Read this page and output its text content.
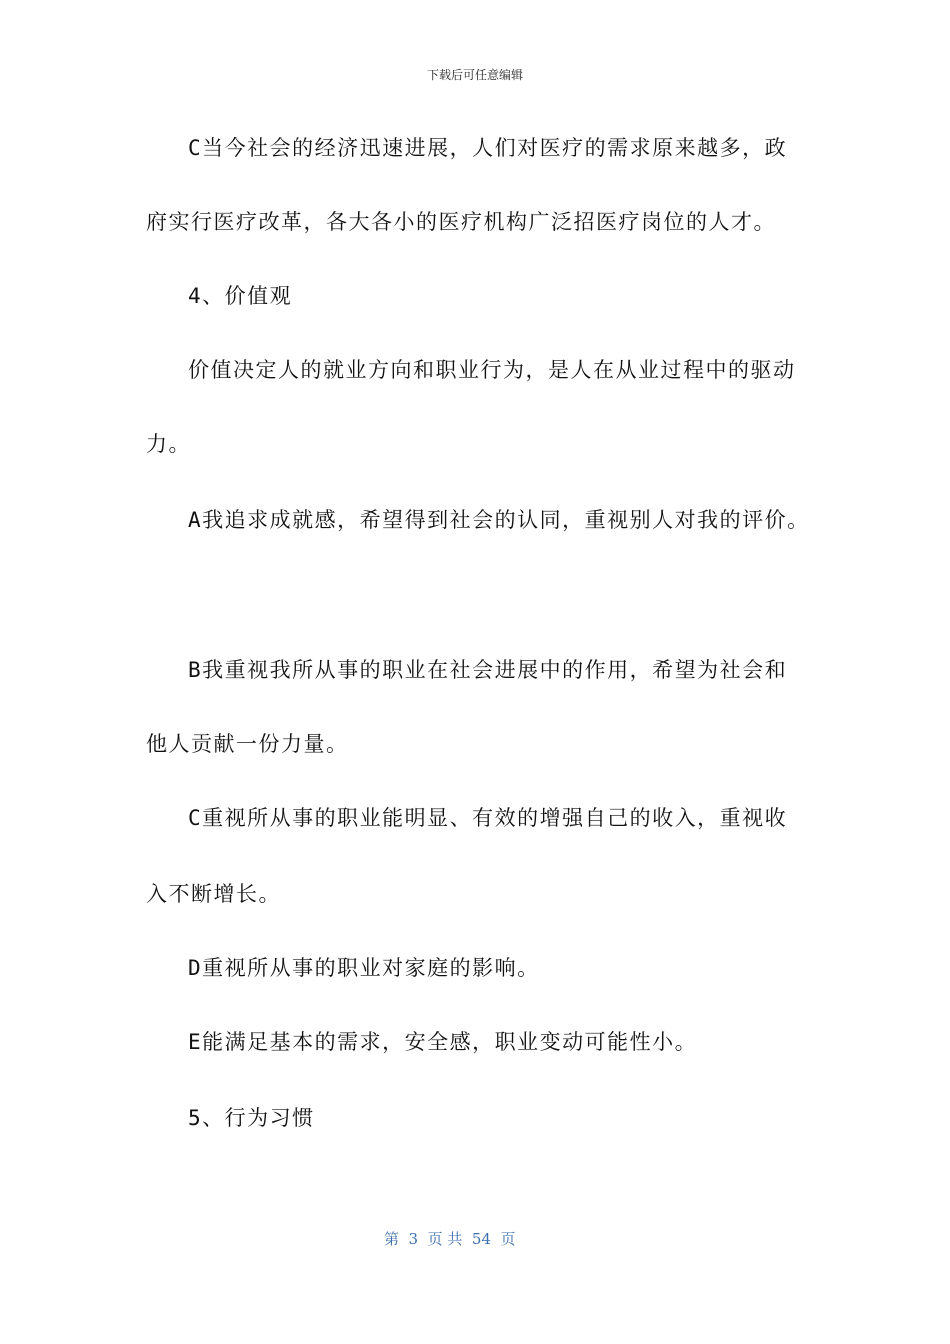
下载后可任意编辑
C当今社会的经济迅速进展，人们对医疗的需求原来越多，政
府实行医疗改革，各大各小的医疗机构广泛招医疗岗位的人才。
4、价值观
价值决定人的就业方向和职业行为，是人在从业过程中的驱动
力。
A我追求成就感，希望得到社会的认同，重视别人对我的评价。
B我重视我所从事的职业在社会进展中的作用，希望为社会和
他人贡献一份力量。
C重视所从事的职业能明显、有效的增强自己的收入，重视收
入不断增长。
D重视所从事的职业对家庭的影响。
E能满足基本的需求，安全感，职业变动可能性小。
5、行为习惯
第  3  页 共  54  页
